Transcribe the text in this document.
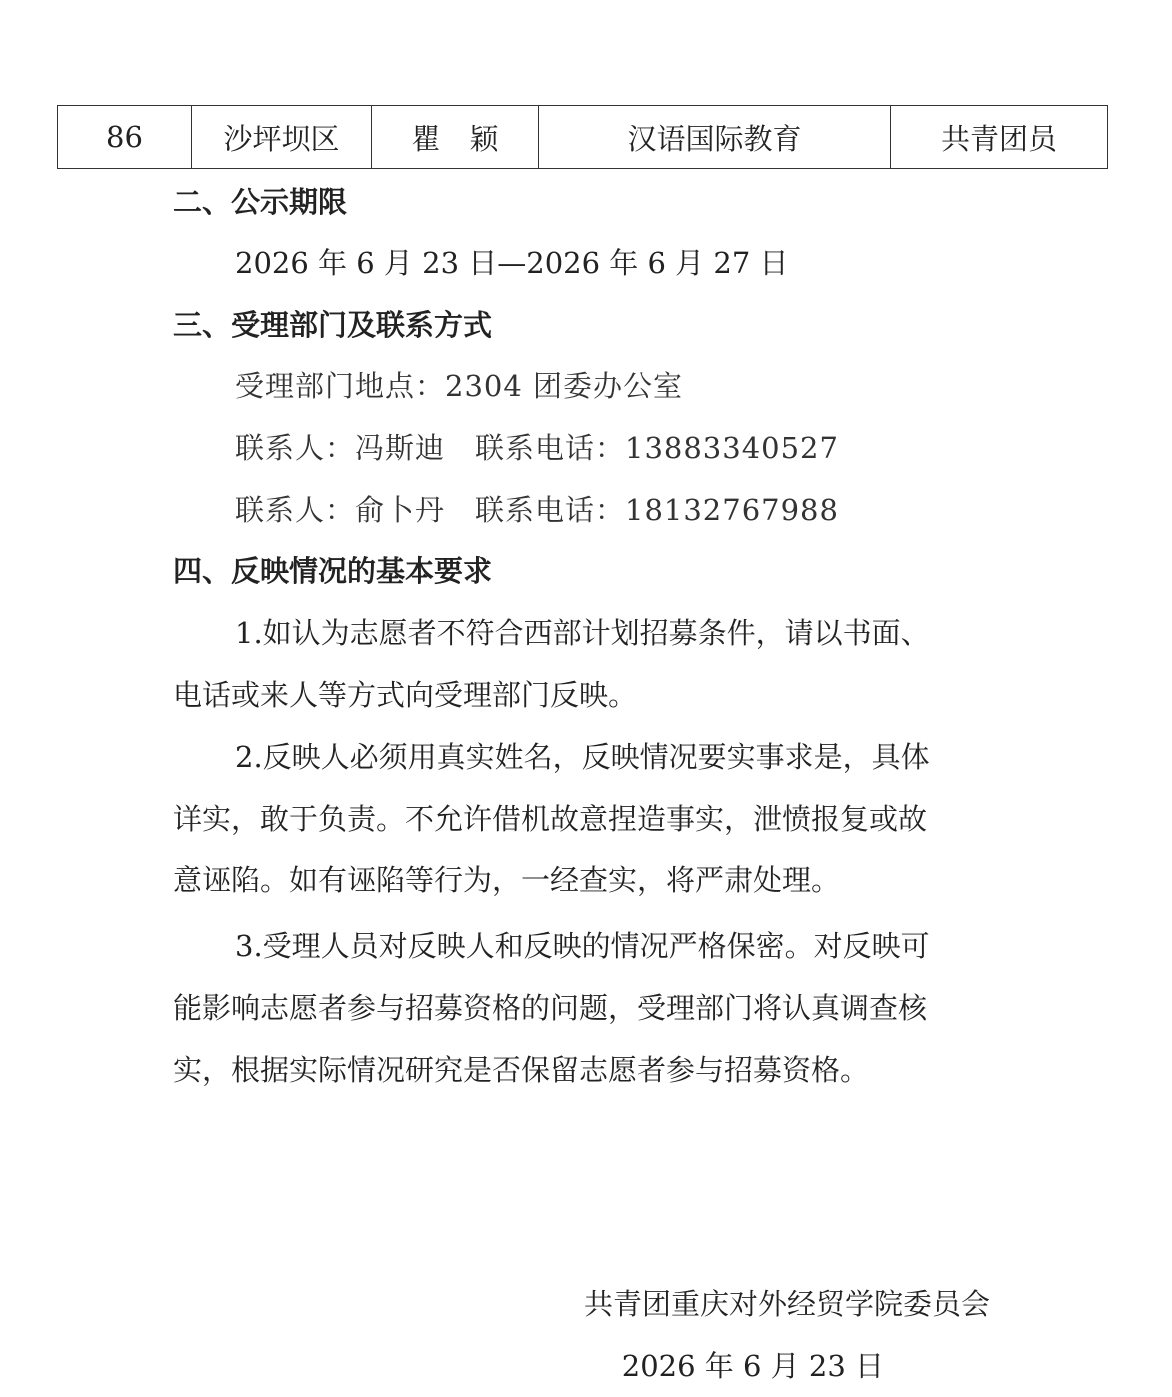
86	沙坪坝区	瞿　颖	汉语国际教育	共青团员
二、公示期限
2026 年 6 月 23 日—2026 年 6 月 27 日
三、受理部门及联系方式
受理部门地点：2304 团委办公室
联系人：冯斯迪　联系电话：13883340527
联系人：俞卜丹　联系电话：18132767988
四、反映情况的基本要求
1.如认为志愿者不符合西部计划招募条件，请以书面、
电话或来人等方式向受理部门反映。
2.反映人必须用真实姓名，反映情况要实事求是，具体
详实，敢于负责。不允许借机故意捏造事实，泄愤报复或故
意诬陷。如有诬陷等行为，一经查实，将严肃处理。
3.受理人员对反映人和反映的情况严格保密。对反映可
能影响志愿者参与招募资格的问题，受理部门将认真调查核
实，根据实际情况研究是否保留志愿者参与招募资格。
共青团重庆对外经贸学院委员会
2026 年 6 月 23 日
